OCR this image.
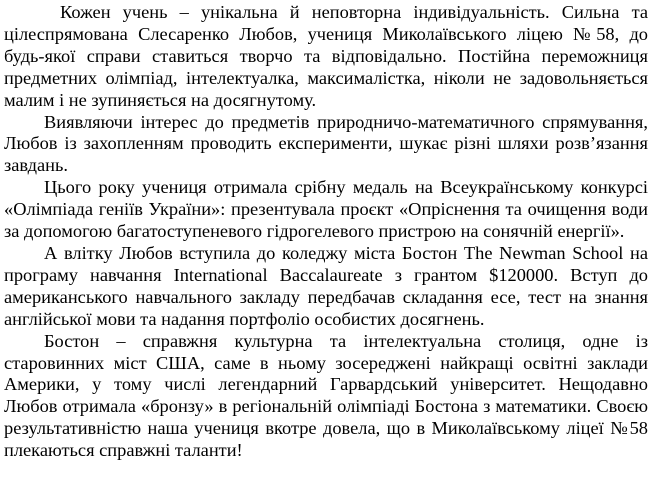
Кожен учень – унікальна й неповторна індивідуальність. Сильна та цілеспрямована Слесаренко Любов, учениця Миколаївського ліцею №58, до будь-якої справи ставиться творчо та відповідально. Постійна переможниця предметних олімпіад, інтелектуалка, максималістка, ніколи не задовольняється малим і не зупиняється на досягнутому.

Виявляючи інтерес до предметів природничо-математичного спрямування, Любов із захопленням проводить експерименти, шукає різні шляхи розв’язання завдань.

Цього року учениця отримала срібну медаль на Всеукраїнському конкурсі «Олімпіада геніїв України»: презентувала проєкт «Опріснення та очищення води за допомогою багатоступеневого гідрогелевого пристрою на сонячній енергії».

А влітку Любов вступила до коледжу міста Бостон The Newman School на програму навчання International Baccalaureate з грантом $120000. Вступ до американського навчального закладу передбачав складання есе, тест на знання англійської мови та надання портфоліо особистих досягнень.

Бостон – справжня культурна та інтелектуальна столиця, одне із старовинних міст США, саме в ньому зосереджені найкращі освітні заклади Америки, у тому числі легендарний Гарвардський університет. Нещодавно Любов отримала «бронзу» в регіональній олімпіаді Бостона з математики. Своєю результативністю наша учениця вкотре довела, що в Миколаївському ліцеї №58 плекаються справжні таланти!
